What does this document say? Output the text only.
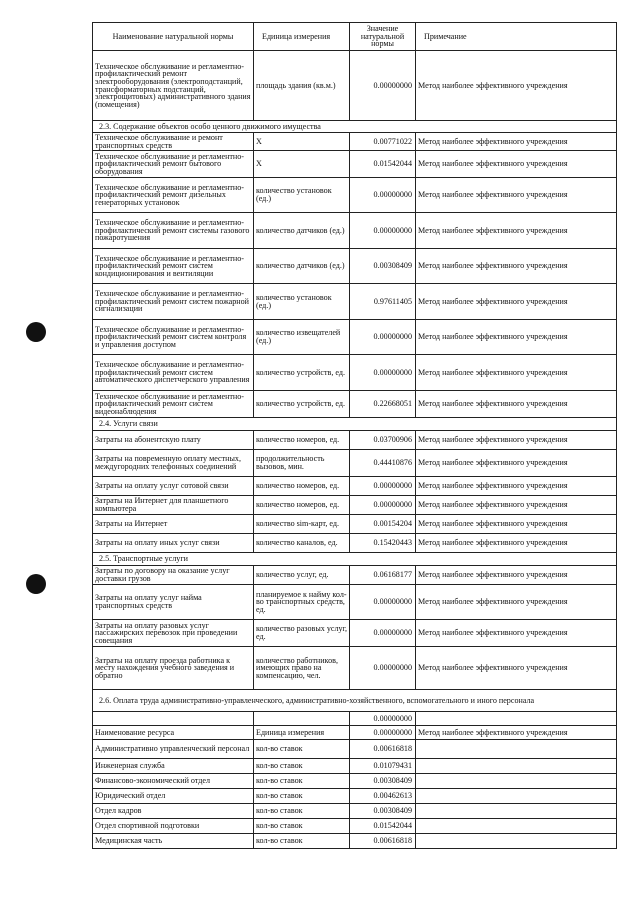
Наименование натуральной нормы	Единица измерения	Значение натуральной нормы	Примечание
Техническое обслуживание и регламентно-профилактический ремонт электрооборудования (электроподстанций, трансформаторных подстанций, электрощитовых) административного здания (помещения)	площадь здания (кв.м.)	0.00000000	Метод наиболее эффективного учреждения
2.3. Содержание объектов особо ценного движимого имущества			
Техническое обслуживание и ремонт транспортных средств	X	0.00771022	Метод наиболее эффективного учреждения
Техническое обслуживание и регламентно-профилактический ремонт бытового оборудования	X	0.01542044	Метод наиболее эффективного учреждения
Техническое обслуживание и регламентно-профилактический ремонт дизельных генераторных установок	количество установок (ед.)	0.00000000	Метод наиболее эффективного учреждения
Техническое обслуживание и регламентно-профилактический ремонт системы газового пожаротушения	количество датчиков (ед.)	0.00000000	Метод наиболее эффективного учреждения
Техническое обслуживание и регламентно-профилактический ремонт систем кондиционирования и вентиляции	количество датчиков (ед.)	0.00308409	Метод наиболее эффективного учреждения
Техническое обслуживание и регламентно-профилактический ремонт систем пожарной сигнализации	количество установок (ед.)	0.97611405	Метод наиболее эффективного учреждения
Техническое обслуживание и регламентно-профилактический ремонт систем контроля и управления доступом	количество извещателей (ед.)	0.00000000	Метод наиболее эффективного учреждения
Техническое обслуживание и регламентно-профилактический ремонт систем автоматического диспетчерского управления	количество устройств, ед.	0.00000000	Метод наиболее эффективного учреждения
Техническое обслуживание и регламентно-профилактический ремонт систем видеонаблюдения	количество устройств, ед.	0.22668051	Метод наиболее эффективного учреждения
2.4. Услуги связи			
Затраты на абонентскую плату	количество номеров, ед.	0.03700906	Метод наиболее эффективного учреждения
Затраты на повременную оплату местных, междугородних телефонных соединений	продолжительность вызовов, мин.	0.44410876	Метод наиболее эффективного учреждения
Затраты на оплату услуг сотовой связи	количество номеров, ед.	0.00000000	Метод наиболее эффективного учреждения
Затраты на Интернет для планшетного компьютера	количество номеров, ед.	0.00000000	Метод наиболее эффективного учреждения
Затраты на Интернет	количество sim-карт, ед.	0.00154204	Метод наиболее эффективного учреждения
Затраты на оплату иных услуг связи	количество каналов, ед.	0.15420443	Метод наиболее эффективного учреждения
2.5. Транспортные услуги			
Затраты по договору на оказание услуг доставки грузов	количество услуг, ед.	0.06168177	Метод наиболее эффективного учреждения
Затраты на оплату услуг найма транспортных средств	планируемое к найму кол-во транспортных средств, ед.	0.00000000	Метод наиболее эффективного учреждения
Затраты на оплату разовых услуг пассажирских перевозок при проведении совещания	количество разовых услуг, ед.	0.00000000	Метод наиболее эффективного учреждения
Затраты на оплату проезда работника к месту нахождения учебного заведения и обратно	количество работников, имеющих право на компенсацию, чел.	0.00000000	Метод наиболее эффективного учреждения
2.6. Оплата труда административно-управленческого, административно-хозяйственного, вспомогательного и иного персонала			
		0.00000000	
Наименование ресурса	Единица измерения	0.00000000	Метод наиболее эффективного учреждения
Административно управленческий персонал	кол-во ставок	0.00616818	
Инженерная служба	кол-во ставок	0.01079431	
Финансово-экономический отдел	кол-во ставок	0.00308409	
Юридический отдел	кол-во ставок	0.00462613	
Отдел кадров	кол-во ставок	0.00308409	
Отдел спортивной подготовки	кол-во ставок	0.01542044	
Медицинская часть	кол-во ставок	0.00616818	
